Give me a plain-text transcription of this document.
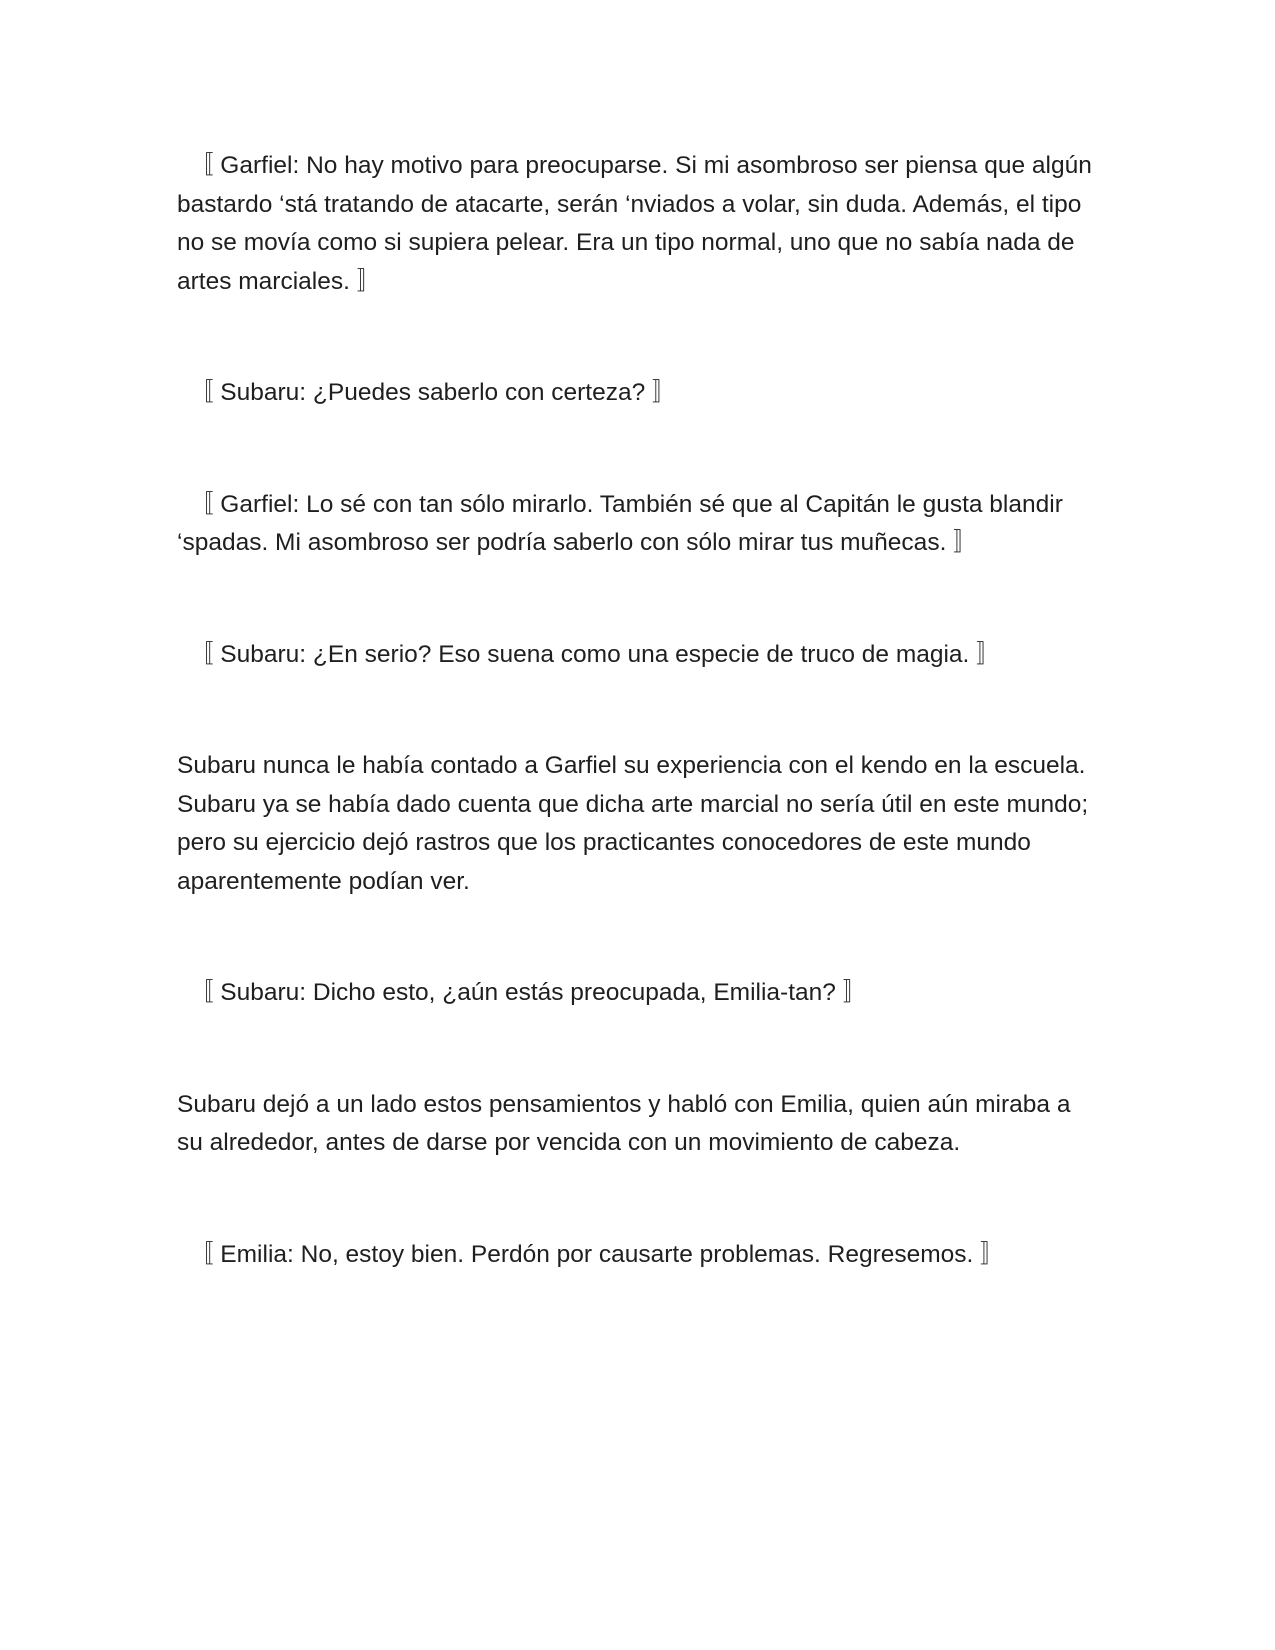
〚 Garfiel: No hay motivo para preocuparse. Si mi asombroso ser piensa que algún bastardo ‘stá tratando de atacarte, serán ‘nviados a volar, sin duda. Además, el tipo no se movía como si supiera pelear. Era un tipo normal, uno que no sabía nada de artes marciales. 〛

〚 Subaru: ¿Puedes saberlo con certeza? 〛

〚 Garfiel: Lo sé con tan sólo mirarlo. También sé que al Capitán le gusta blandir ‘spadas. Mi asombroso ser podría saberlo con sólo mirar tus muñecas. 〛

〚 Subaru: ¿En serio? Eso suena como una especie de truco de magia. 〛

Subaru nunca le había contado a Garfiel su experiencia con el kendo en la escuela. Subaru ya se había dado cuenta que dicha arte marcial no sería útil en este mundo; pero su ejercicio dejó rastros que los practicantes conocedores de este mundo aparentemente podían ver.

〚 Subaru: Dicho esto, ¿aún estás preocupada, Emilia-tan? 〛

Subaru dejó a un lado estos pensamientos y habló con Emilia, quien aún miraba a su alrededor, antes de darse por vencida con un movimiento de cabeza.

〚 Emilia: No, estoy bien. Perdón por causarte problemas. Regresemos. 〛
